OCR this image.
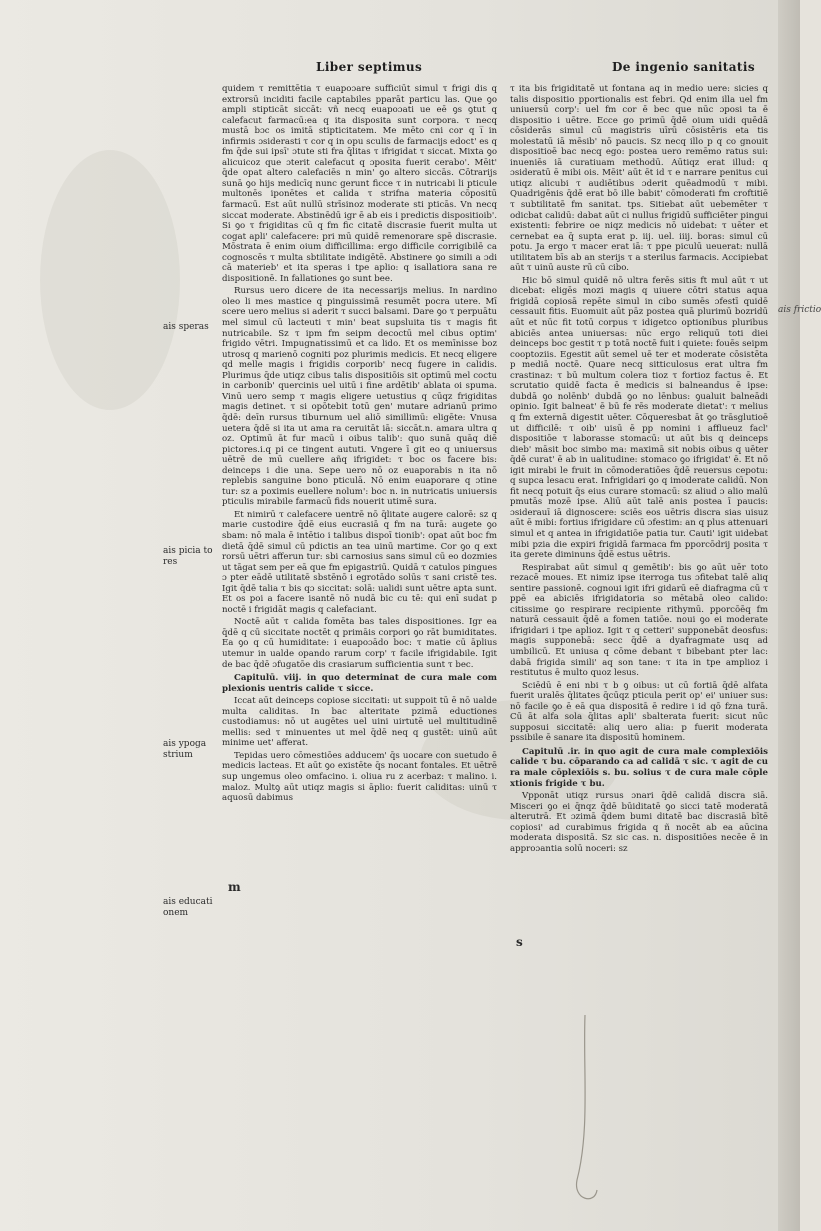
Liber septimus	De ingenio sanitatis
ais speras
ais picia to res
ais ypoga strium
ais educati onem
m
s

quidem τ remittētia τ euapoɔare sufficiūt simul τ frigi dis q extrorsū inciditi facile captabiles pparāt particu las. Que ꝯo ampli stipticāt siccāt: vñ necq euapoɔati ue eē ꝯs ꝯtut q calefacut farmacū:ea q ita disposita sunt corpora. τ necq mustā bɔc os imitā stipticitatem. Me mēto cni cor q i̅ in infirmis ɔsiderasti τ cor q in opu sculis de farmacijs edoct' es q fm q̄de sui ipsī' ɔtute sti fra q̄litas τ ifrigidat τ siccat. Mixta ꝯo alicuicoz que ɔterit calefacut q ɔposita fuerit cerabo'. Mēit' q̄de opat altero calefaciēs n min' ꝯo altero siccās. Cōtrarijs sunā ꝯo hijs medicīq nunc gerunt ficce τ in nutricabi li pticule multonēs iponētes et calida τ strifna materia cōpositū farmacū. Est aūt nullū strīsinoz moderate sti pticās. Vn necq siccat moderate. Abstinēdū igr ē ab eis i predictis dispositioib'. Si ꝯo τ frigiditas cū q fm fic citatē discrasie fuerit multa ut cogat apli' calefacere: pri mū quidē remenorare spē discrasie. Mōstrata ē enim oium difficillima: ergo difficile corrigibilē ca cognoscēs τ multa sbtilitate indigētē. Abstinere ꝯo simili a ɔdi cā materieb' et ita speras i tpe aplio: q isallatiora sana re dispositionē. In fallationes ꝯo sunt bee.

Rursus uero dicere de ita necessarijs melius. In nardino oleo li mes mastice q pinguissimā resumēt pocra utere. Mī scere uero melius si aderit τ succi balsami. Dare ꝯo τ perpuātu mel simul cū lacteuti τ min' beat supsluita tis τ magis fit nutricabile. Sz τ ipm fm seipm decoctū mel cibus optim' frigido vētri. Impugnatissimū et ca lido. Et os memīnisse boz utrosq q marienō cogniti poz plurimis medicis. Et necq eligere qd melle magis i frigidis corporib' necq fugere in calidis. Plurimus q̄de utiqz cibus talis dispositiōis sit optimū mel coctu in carbonib' quercinis uel uitū i fine ardētib' ablata oi spuma. Vinū uero semp τ magis eligere uetustius q cūqz frigiditas magis detinet. τ si opōtebit totū gen' mutare adrianū primo q̄dē: deīn rursus tiburnum uel aliō simillimū: eligēte: Vnusa uetera q̄dē si ita ut ama ra ceruitāt iā: siccāt.n. amara ultra q oz. Optimū āt fur macū i oibus talib': quo sunā quāq diē pictores.i.q pi ce tingent aututi. Vngere ī git eo q uniuersus uētrē de mū cuellere añq ifrigidet: τ boc os facere bis: deinceps i die una. Sepe uero nō oz euaporabis n ita nō replebis sanguine bono pticulā. Nō enim euaporare q ɔtine tur: sz a poximis euellere nolum': boc n. in nutricatis uniuersis pticulis mirabile farmacū fids nouerit utimē sura.

Et nimirū τ calefacere uentrē nō q̄litate augere calorē: sz q marie custodire q̄dē eius eucrasiā q fm na turā: augete ꝯo sbam: nō mala ē intētio i talibus dispoī tionib': opat aūt boc fm dietā q̄dē simul cū pdictis an tea uinū martime. Cor ꝯo q ext rorsū uētri afferun tur: sbi carnosius sans simul cū eo dozmies ut tāgat sem per eā que fm epigastriū. Quidā τ catulos pingues ɔ pter eādē utilitatē sbstēnō i egrotādo solūs τ sani cristē tes. Igit q̄dē talia τ bis qɔ siccitat: solā: ualidi sunt uētre apta sunt. Et os poi a facere isantē nō nudā bic cu tē: qui enī sudat p noctē i frigidāt magis q calefaciant.

Noctē aūt τ calida fomēta bas tales dispositiones. Igr ea q̄dē q cū siccitate noctēt q primāis corpori ꝯo rāt bumiditates. Ea ꝯo q cū humiditate: i euapoɔādo boc: τ matie cū āplius utemur in ualde opando rarum corp' τ facile ifrigidabile. Igit de bac q̄dē ɔfugatōe dis crasiarum sufficientia sunt τ bec.

Capitulū. viij. in quo determinat de cura male com plexionis uentris calide τ sicce.

Iccat aūt deinceps copiose siccitati: ut suppoit tū ē nō ualde multa caliditas. In bac alteritate pzimā eductiones custodiamus: nō ut augētes uel uini uirtutē uel multitudinē mellis: sed τ minuentes ut mel q̄dē neq q gustēt: uinū aūt minime uet' afferat.

Tepidas uero cōmestiōes adducem' q̄s uocare con suetudo ē medicis lacteas. Et aūt ꝯo existēte q̄s nocant fontales. Et uētrē sup ungemus oleo omfacino. i. oliua ru z acerbaz: τ malino. i. maloz. Multꝯ aūt utiqz magis si āplio: fuerit caliditas: uinū τ aquosū dabimus

τ ita bis frigiditatē ut fontana aq in medio uere: sicies q talis dispositio pportionalis est febri. Qd enim illa uel fm uniuersū corp': uel fm cor ē bec que nūc ɔposi ta ē dispositio i uētre. Ecce go primū q̄dē oium uidi quēdā cōsiderās simul cū magistris uīrū cōsistēris eta tis molestatū iā mēsib' nō paucis. Sz necq illo p q co gnouit dispositioē bac necq ego: postea uero remēmo ratus sui: inueniēs iā curatiuam methodū. Aūtiqz erat illud: q ɔsideratū ē mibi ois. Mēit' aūt ēt id τ e narrare penitus cui utiqz alicubi τ audiētibus ɔderit quēadmodū τ mibi. Quadrigēnis q̄dē erat bō ille babit' cōmoderati fm croftitiē τ subtilitatē fm sanitat. tps. Sitiebat aūt uebemēter τ odicbat calidū: dabat aūt ci nullus frigidū sufficiēter pingui existenti: febrire oe niqz medicis nō uidebat: τ uēter et cernebat ea q̄ supta erat p. iij. uel. iiij. boras: simul cū potu. Ja ergo τ macer erat iā: τ ppe piculū ueuerat: nullā utilitatem bīs ab an sterijs τ a sterilus farmacis. Accipiebat aūt τ uinū auste rū cū cibo.

Hic bō simul quidē nō ultra ferēs sitis ft mul aūt τ ut dicebat: eligēs mozi magis q uiuere cōtri status aqua frigidā copiosā repēte simul in cibo sumēs ɔfestī quidē cessauit fitis. Euomuit aūt pāz postea quā plurimū bozridū aūt et nūc fit totū corpus τ idigetco optionibus pluribus abiciēs antea uniuersas: nūc ergo reliquū toti diei deinceps boc gestit τ p totā noctē fuit i quiete: fouēs seipm cooptoziis. Egestit aūt semel uē ter et moderate cōsistēta p mediā noctē. Quare necq sitticulosus erat ultra fm crastinaz: τ bū multum colera tioz τ fortioz factus ē. Et scrutatio quidē facta ē medicis si balneandus ē ipse: dubdā ꝯo nolēnb' dubdā ꝯo no lēnbus: ꝯualuit balneādi opinio. Igit balneat' ē bū fe rēs moderate dietat': τ melius q fm externā digestit uēter. Cōqueresbat āt ꝯo trāsglutioē ut difficilē: τ oib' uisū ē pp nomini i afflueuz facl' dispositiōe τ laborasse stomacū: ut aūt bis q deinceps dieb' māsit boc simbo ma: maximā sit nobis oibus q uēter q̄dē curat' ē ab in ualitudine: stomaco ꝯo ifrigidat' ē. Et nō igit mirabi le fruit in cōmoderatiōes q̄dē reuersus cepotu: q supca lesacu erat. Infrigidari ꝯo q imoderate calidū. Non fit necq potuit q̄s eius curare stomacū: sz aliud ɔ alio malū pmutās mozē ipse. Aliū aūt talē anis postea ī paucis: ɔsiderauī iā dignoscere: sciēs eos uētris discra sias uisuz aūt ē mibi: fortius ifrigidare cū ɔfestim: an q plus attenuari simul et q antea in ifrigidatiōe patia tur. Cauti' igit uidebat mibi pzia die expiri frigidā farmaca fm pporcōdrij posita τ ita gerete diminuns q̄dē estus uētris.

Respirabat aūt simul q gemētib': bis ꝯo aūt uēr toto rezacē moues. Et nimiz ipse iterroga tus ɔfitebat talē aliq sentire passionē. cognoui igit ifri gidarū eē diafragma cū τ ppē ea abiciēs ifrigidatoria so mētabā oleo calido: citissime ꝯo respirare recipiente rithymū. pporcōēq fm naturā cessauit q̄dē a fomen tatiōe. noui ꝯo ei moderate ifrigidari i tpe aplioz. Igit τ q cetteri' supponebāt deosfus: magis supponebā: secc q̄dē a dyafragmate usq ad umbilicū. Et uniusa q cōme debant τ bibebant pter lac: dabā frigida simili' aq son tane: τ ita in tpe amplioz i restitutus ē multo quoz lesus.

Sciēdū ē eni nbi τ b ꝯ oibus: ut cū fortiā q̄dē alfata fuerit uralēs q̄litates q̄cūqz pticula perit op' ei' uniuer sus: nō facile ꝯo ē eā qua dispositā ē redire i id qō fzna turā. Cū āt alfa sola q̄litas apli' sbalterata fuerit: sicut nūc supposui siccitatē: aliq uero alia: p fuerit moderata pssibile ē sanare ita dispositū hominem.

Capitulū .ir. in quo agit de cura male complexiōis calide τ bu. cōparando ca ad calidā τ sic. τ agit de cu ra male cōplexiōis s. bu. solius τ de cura male cōple xtionis frigide τ bu.

Vpponāt utiqz rursus ɔnari q̄dē calidā discra siā. Misceri ꝯo ei q̄nqz q̄dē būiditatē ꝯo sicci tatē moderatā alterutrā. Et ɔzimā q̄dem bumi ditatē bac discrasiā bītē copiosi' ad curabimus frigida q ñ nocēt ab ea aūcina moderata dispositā. Sz sic cas. n. dispositiōes necēe ē in approɔantia solū noceri: sz

ais frictio
